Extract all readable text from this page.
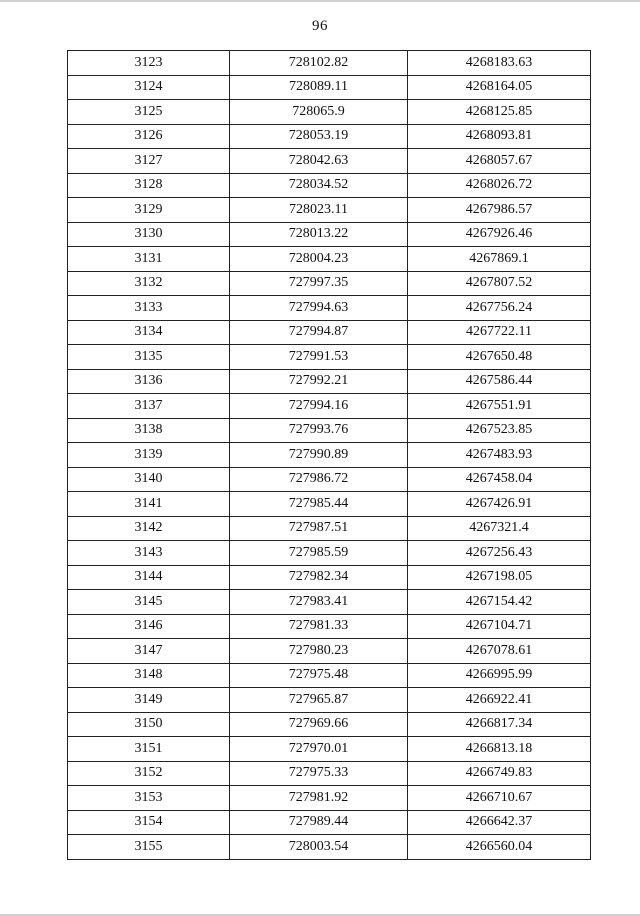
96
3123	728102.82	4268183.63
3124	728089.11	4268164.05
3125	728065.9	4268125.85
3126	728053.19	4268093.81
3127	728042.63	4268057.67
3128	728034.52	4268026.72
3129	728023.11	4267986.57
3130	728013.22	4267926.46
3131	728004.23	4267869.1
3132	727997.35	4267807.52
3133	727994.63	4267756.24
3134	727994.87	4267722.11
3135	727991.53	4267650.48
3136	727992.21	4267586.44
3137	727994.16	4267551.91
3138	727993.76	4267523.85
3139	727990.89	4267483.93
3140	727986.72	4267458.04
3141	727985.44	4267426.91
3142	727987.51	4267321.4
3143	727985.59	4267256.43
3144	727982.34	4267198.05
3145	727983.41	4267154.42
3146	727981.33	4267104.71
3147	727980.23	4267078.61
3148	727975.48	4266995.99
3149	727965.87	4266922.41
3150	727969.66	4266817.34
3151	727970.01	4266813.18
3152	727975.33	4266749.83
3153	727981.92	4266710.67
3154	727989.44	4266642.37
3155	728003.54	4266560.04
